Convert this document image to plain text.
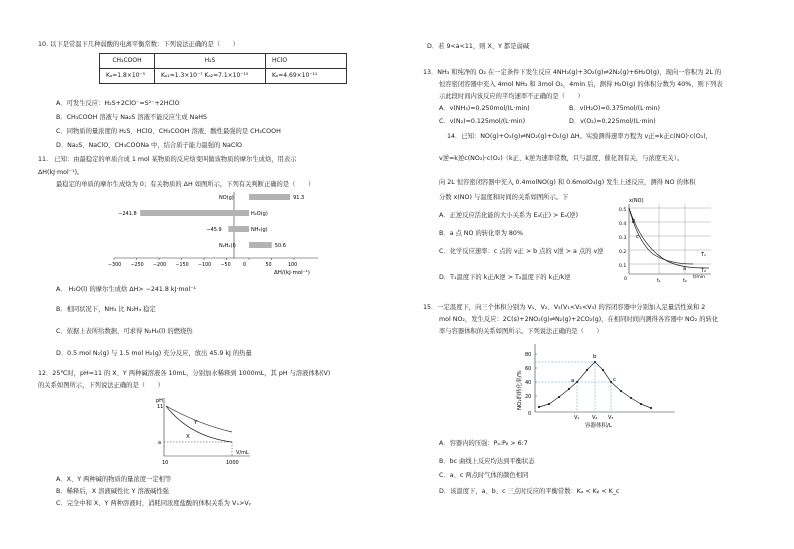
10. 以下是常温下几种弱酸的电离平衡常数：下列说法正确的是（　　）
CH₃COOH	H₂S	HClO
Kₐ=1.8×10⁻⁵	Kₐ₁=1.3×10⁻⁷ Kₐ₂=7.1×10⁻¹⁵	Kₐ=4.69×10⁻¹¹
A．可发生反应：H₂S+2ClO⁻=S²⁻+2HClO
B．CH₃COOH 溶液与 Na₂S 溶液不能反应生成 NaHS
C．同物质的量浓度的 H₂S、HClO、CH₃COOH 溶液，酸性最强的是 CH₃COOH
D．Na₂S、NaClO、CH₃COONa 中，结合质子能力最强的 NaClO
11.　已知：由最稳定的单质合成 1 mol 某物质的反应焓变叫做该物质的摩尔生成焓，用表示
ΔH(kJ·mol⁻¹)。
最稳定的单质的摩尔生成焓为 0；有关物质的 ΔH 如图所示，下列有关判断正确的是（　　）
−300 −250 −200 −150 −100 −50	0	50	100
NO(g)	91.3
H₂O(g)
−241.8
NH₃(g)
−45.9
N₂H₄(l)	50.6
ΔH/(kJ·mol⁻¹)
A． H₂O(l) 的摩尔生成焓 ΔH> −241.8 kJ·mol⁻¹
B．相同状况下，NH₃ 比 N₂H₄ 稳定
C．依据上表所给数据，可求得 N₂H₄(l) 的燃烧热
D．0.5 mol N₂(g) 与 1.5 mol H₂(g) 充分反应，放出 45.9 kJ 的热量
12．25℃时，pH=11 的 X、Y 两种碱溶液各 10mL，分别加水稀释到 1000mL，其 pH 与溶液体积(V)
的关系如图所示，下列说法正确的是（　　）
pH
11
a
10	1000
V/mL
Y
X
A．X、Y 两种碱的物质的量浓度一定相等
B．稀释后，X 溶液碱性比 Y 溶液碱性强
C．完全中和 X、Y 两种溶液时，消耗同浓度盐酸的体积关系为 Vₓ>Vᵧ
D．若 9<a<11，则 X、Y 都是弱碱
13．NH₃ 和纯净的 O₂ 在一定条件下发生反应 4NH₃(g)+3O₂(g)⇌2N₂(g)+6H₂O(g)，现向一容积为 2L 的
恒容密闭容器中充入 4mol NH₃ 和 3mol O₂，4min 后，测得 H₂O(g) 的体积分数为 40%，则下列表
示此段时间内该反应的平均速率不正确的是（　　）
A．v(NH₃)=0.250mol/(L·min)	B．v(H₂O)=0.375mol/(L·min)
C．v(N₂)=0.125mol/(L·min)	D．v(O₂)=0.225mol/(L·min)
14．已知：NO(g)+O₃(g)⇌NO₂(g)+O₂(g) ΔH。实验测得速率方程为 v正=k正c(NO)·c(O₃)，
v逆=k逆c(NO₂)·c(O₂)（k正、k逆为速率常数，只与温度、催化剂有关，与浓度无关）。
向 2L 恒容密闭容器中充入 0.4molNO(g) 和 0.6molO₃(g) 发生上述反应，测得 NO 的体积
分数 x(NO) 与温度和时间的关系如图所示。下
A．正逆反应活化能的大小关系为 Eₐ(正) > Eₐ(逆)
B．a 点 NO 的转化率为 80%
C．化学反应速率：c 点的 v正 > b 点的 v逆 > a 点的 v逆
D．T₁温度下的 k正/k逆 > T₂温度下的 k正/k逆
x(NO)
0.5
0.4
0.3
0.2
0.1
0
b
c
a
T₁
T₂
t₁	t₂
t/min
15．一定温度下，向三个体积分别为 V₁、V₂、V₃(V₁<V₂<V₃) 的容闭容器中分别加入足量活性炭和 2
mol NO₂，发生反应：2C(s)+2NO₂(g)⇌N₂(g)+2CO₂(g)，在相同时间内测得各容器中 NO₂ 的转化
率与容器体积的关系如图所示。下列说法正确的是（　　）
NO₂的转化率/%
80
60
40
20
0
a
b
c
V₁	V₂ V₃
容器体积/L
A．容器内的压强：Pₐ:Pᵦ > 6:7
B．bc 曲线上反应均达到平衡状态
C．a、c 两点时气体的颜色相同
D．该温度下，a、b、c 三点时反应的平衡常数：Kₐ < Kᵦ < K_c
